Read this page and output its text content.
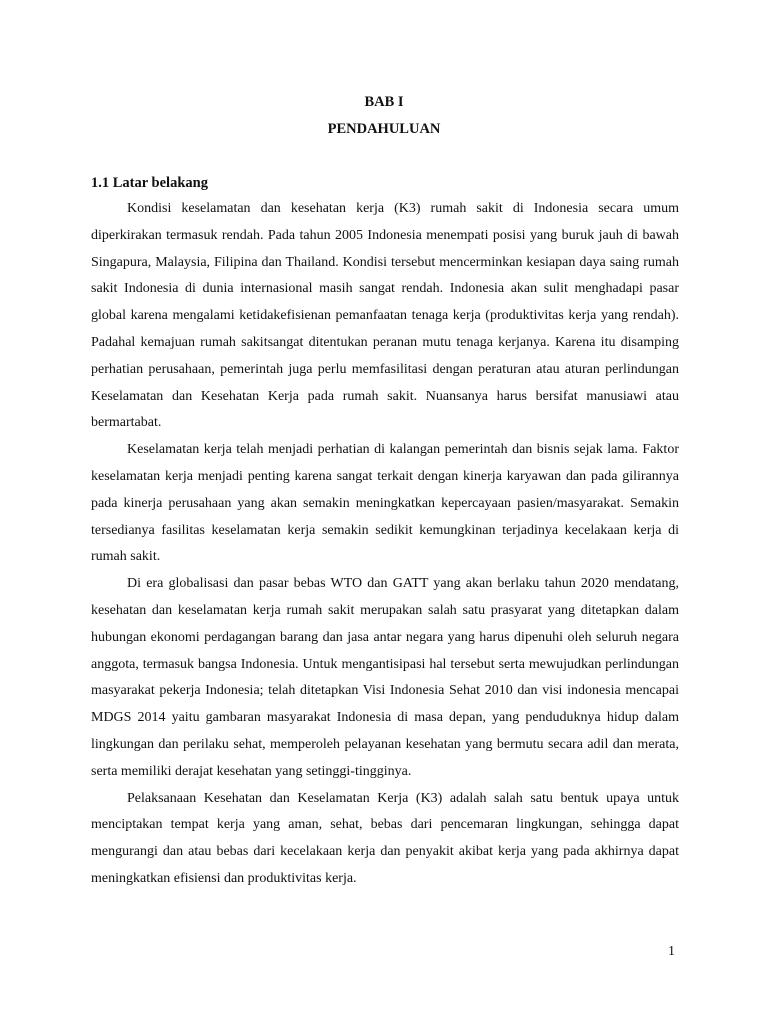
BAB I
PENDAHULUAN
1.1 Latar belakang

Kondisi keselamatan dan kesehatan kerja (K3) rumah sakit di Indonesia secara umum diperkirakan termasuk rendah. Pada tahun 2005 Indonesia menempati posisi yang buruk jauh di bawah Singapura, Malaysia, Filipina dan Thailand. Kondisi tersebut mencerminkan kesiapan daya saing rumah sakit Indonesia di dunia internasional masih sangat rendah. Indonesia akan sulit menghadapi pasar global karena mengalami ketidakefisienan pemanfaatan tenaga kerja (produktivitas kerja yang rendah). Padahal kemajuan rumah sakitsangat ditentukan peranan mutu tenaga kerjanya. Karena itu disamping perhatian perusahaan, pemerintah juga perlu memfasilitasi dengan peraturan atau aturan perlindungan Keselamatan dan Kesehatan Kerja pada rumah sakit. Nuansanya harus bersifat manusiawi atau bermartabat.

Keselamatan kerja telah menjadi perhatian di kalangan pemerintah dan bisnis sejak lama. Faktor keselamatan kerja menjadi penting karena sangat terkait dengan kinerja karyawan dan pada gilirannya pada kinerja perusahaan yang akan semakin meningkatkan kepercayaan pasien/masyarakat. Semakin tersedianya fasilitas keselamatan kerja semakin sedikit kemungkinan terjadinya kecelakaan kerja di rumah sakit.

Di era globalisasi dan pasar bebas WTO dan GATT yang akan berlaku tahun 2020 mendatang, kesehatan dan keselamatan kerja rumah sakit merupakan salah satu prasyarat yang ditetapkan dalam hubungan ekonomi perdagangan barang dan jasa antar negara yang harus dipenuhi oleh seluruh negara anggota, termasuk bangsa Indonesia. Untuk mengantisipasi hal tersebut serta mewujudkan perlindungan masyarakat pekerja Indonesia; telah ditetapkan Visi Indonesia Sehat 2010 dan visi indonesia mencapai MDGS 2014 yaitu gambaran masyarakat Indonesia di masa depan, yang penduduknya hidup dalam lingkungan dan perilaku sehat, memperoleh pelayanan kesehatan yang bermutu secara adil dan merata, serta memiliki derajat kesehatan yang setinggi-tingginya.

Pelaksanaan Kesehatan dan Keselamatan Kerja (K3) adalah salah satu bentuk upaya untuk menciptakan tempat kerja yang aman, sehat, bebas dari pencemaran lingkungan, sehingga dapat mengurangi dan atau bebas dari kecelakaan kerja dan penyakit akibat kerja yang pada akhirnya dapat meningkatkan efisiensi dan produktivitas kerja.

1
